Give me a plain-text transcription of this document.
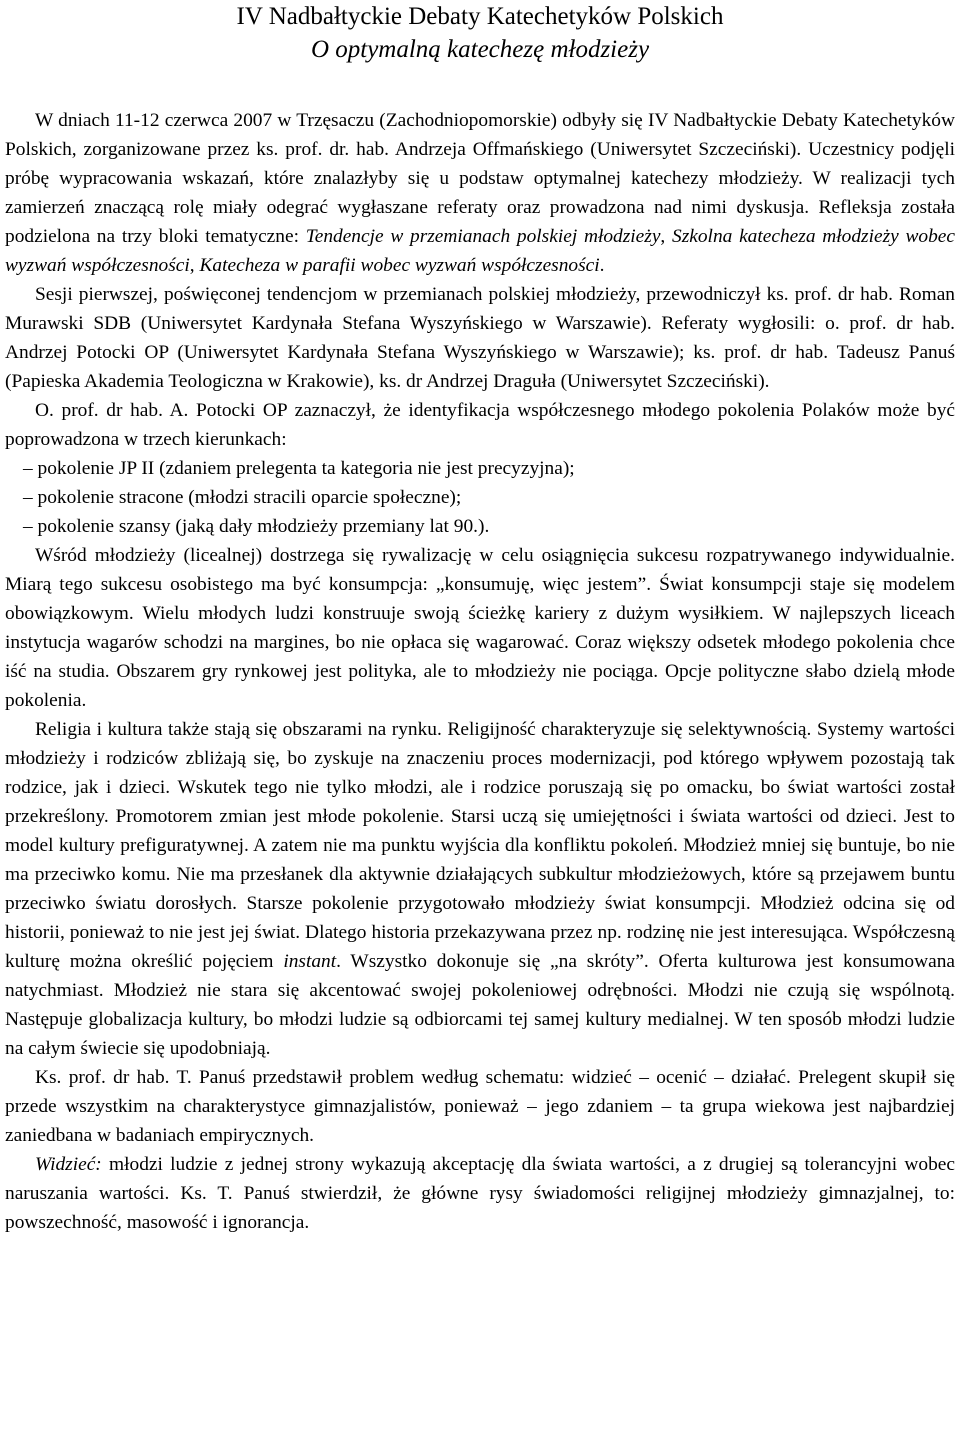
IV Nadbałtyckie Debaty Katechetyków Polskich
O optymalną katechezę młodzieży

W dniach 11-12 czerwca 2007 w Trzęsaczu (Zachodniopomorskie) odbyły się IV Nadbałtyckie Debaty Katechetyków Polskich, zorganizowane przez ks. prof. dr. hab. Andrzeja Offmańskiego (Uniwersytet Szczeciński). Uczestnicy podjęli próbę wypracowania wskazań, które znalazłyby się u podstaw optymalnej katechezy młodzieży. W realizacji tych zamierzeń znaczącą rolę miały odegrać wygłaszane referaty oraz prowadzona nad nimi dyskusja. Refleksja została podzielona na trzy bloki tematyczne: Tendencje w przemianach polskiej młodzieży, Szkolna katecheza młodzieży wobec wyzwań współczesności, Katecheza w parafii wobec wyzwań współczesności.

Sesji pierwszej, poświęconej tendencjom w przemianach polskiej młodzieży, przewodniczył ks. prof. dr hab. Roman Murawski SDB (Uniwersytet Kardynała Stefana Wyszyńskiego w Warszawie). Referaty wygłosili: o. prof. dr hab. Andrzej Potocki OP (Uniwersytet Kardynała Stefana Wyszyńskiego w Warszawie); ks. prof. dr hab. Tadeusz Panuś (Papieska Akademia Teologiczna w Krakowie), ks. dr Andrzej Draguła (Uniwersytet Szczeciński).

O. prof. dr hab. A. Potocki OP zaznaczył, że identyfikacja współczesnego młodego pokolenia Polaków może być poprowadzona w trzech kierunkach:

– pokolenie JP II (zdaniem prelegenta ta kategoria nie jest precyzyjna);

– pokolenie stracone (młodzi stracili oparcie społeczne);

– pokolenie szansy (jaką dały młodzieży przemiany lat 90.).

Wśród młodzieży (licealnej) dostrzega się rywalizację w celu osiągnięcia sukcesu rozpatrywanego indywidualnie. Miarą tego sukcesu osobistego ma być konsumpcja: „konsumuję, więc jestem”. Świat konsumpcji staje się modelem obowiązkowym. Wielu młodych ludzi konstruuje swoją ścieżkę kariery z dużym wysiłkiem. W najlepszych liceach instytucja wagarów schodzi na margines, bo nie opłaca się wagarować. Coraz większy odsetek młodego pokolenia chce iść na studia. Obszarem gry rynkowej jest polityka, ale to młodzieży nie pociąga. Opcje polityczne słabo dzielą młode pokolenia.

Religia i kultura także stają się obszarami na rynku. Religijność charakteryzuje się selektywnością. Systemy wartości młodzieży i rodziców zbliżają się, bo zyskuje na znaczeniu proces modernizacji, pod którego wpływem pozostają tak rodzice, jak i dzieci. Wskutek tego nie tylko młodzi, ale i rodzice poruszają się po omacku, bo świat wartości został przekreślony. Promotorem zmian jest młode pokolenie. Starsi uczą się umiejętności i świata wartości od dzieci. Jest to model kultury prefiguratywnej. A zatem nie ma punktu wyjścia dla konfliktu pokoleń. Młodzież mniej się buntuje, bo nie ma przeciwko komu. Nie ma przesłanek dla aktywnie działających subkultur młodzieżowych, które są przejawem buntu przeciwko światu dorosłych. Starsze pokolenie przygotowało młodzieży świat konsumpcji. Młodzież odcina się od historii, ponieważ to nie jest jej świat. Dlatego historia przekazywana przez np. rodzinę nie jest interesująca. Współczesną kulturę można określić pojęciem instant. Wszystko dokonuje się „na skróty”. Oferta kulturowa jest konsumowana natychmiast. Młodzież nie stara się akcentować swojej pokoleniowej odrębności. Młodzi nie czują się wspólnotą. Następuje globalizacja kultury, bo młodzi ludzie są odbiorcami tej samej kultury medialnej. W ten sposób młodzi ludzie na całym świecie się upodobniają.

Ks. prof. dr hab. T. Panuś przedstawił problem według schematu: widzieć – ocenić – działać. Prelegent skupił się przede wszystkim na charakterystyce gimnazjalistów, ponieważ – jego zdaniem – ta grupa wiekowa jest najbardziej zaniedbana w badaniach empirycznych.

Widzieć: młodzi ludzie z jednej strony wykazują akceptację dla świata wartości, a z drugiej są tolerancyjni wobec naruszania wartości. Ks. T. Panuś stwierdził, że główne rysy świadomości religijnej młodzieży gimnazjalnej, to: powszechność, masowość i ignorancja.
